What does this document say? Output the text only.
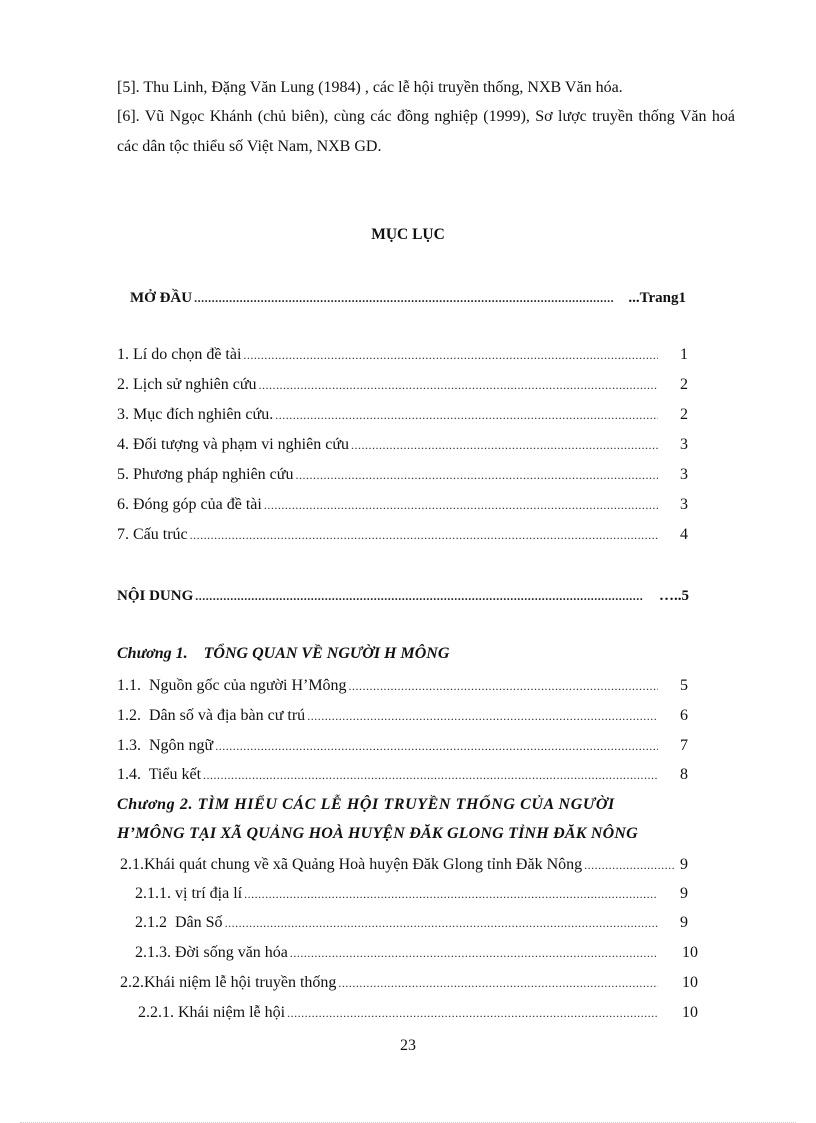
[5]. Thu Linh, Đặng Văn Lung (1984) , các lễ hội truyền thống, NXB Văn hóa.
[6]. Vũ Ngọc Khánh (chủ biên), cùng các đồng nghiệp (1999), Sơ lược truyền thống Văn hoá các dân tộc thiểu số Việt Nam, NXB GD.
MỤC LỤC
MỞ ĐẦU .....	...Trang1
1. Lí do chọn đề tài .....	1
2. Lịch sử nghiên cứu .....	2
3. Mục đích nghiên cứu. .....	2
4. Đối tượng và phạm vi nghiên cứu .....	3
5. Phương pháp nghiên cứu .....	3
6. Đóng góp của đề tài .....	3
7. Cấu trúc .....	4
NỘI DUNG .....	…..5
Chương 1.    TỔNG QUAN VỀ NGƯỜI H MÔNG
1.1.  Nguồn gốc của người H’Mông .....	5
1.2.  Dân số và địa bàn cư trú .....	6
1.3.  Ngôn ngữ .....	7
1.4.  Tiểu kết .....	8
Chương 2. TÌM HIỂU CÁC LỄ HỘI TRUYỀN THỐNG CỦA NGƯỜI
H’MÔNG TẠI XÃ QUẢNG HOÀ HUYỆN ĐĂK GLONG TỈNH ĐĂK NÔNG
2.1.Khái quát chung về xã Quảng Hoà huyện Đăk Glong tỉnh Đăk Nông .....	9
2.1.1. vị trí địa lí .....	9
2.1.2  Dân Số .....	9
2.1.3. Đời sống văn hóa .....	10
2.2.Khái niệm lễ hội truyền thống .....	10
2.2.1. Khái niệm lễ hội .....	10
23
